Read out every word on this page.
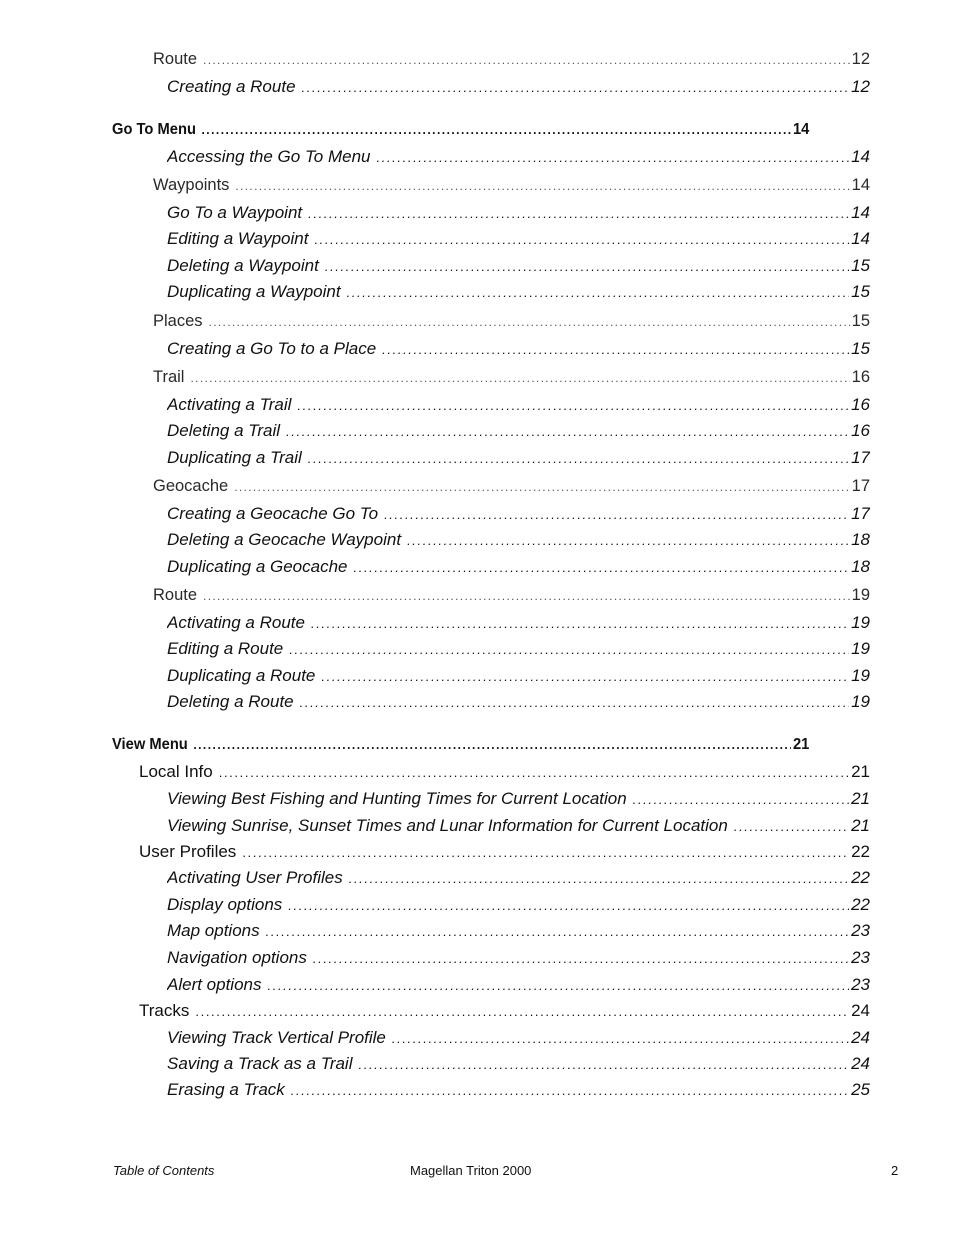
Route . . .	12
Creating a Route . . .	12
Go To Menu . . .	14
Accessing the Go To Menu . . .	14
Waypoints . . .	14
Go To a Waypoint . . .	14
Editing a Waypoint . . .	14
Deleting a Waypoint . . .	15
Duplicating a Waypoint . . .	15
Places . . .	15
Creating a Go To to a Place . . .	15
Trail . . .	16
Activating a Trail . . .	16
Deleting a Trail . . .	16
Duplicating a Trail . . .	17
Geocache . . .	17
Creating a Geocache Go To . . .	17
Deleting a Geocache Waypoint . . .	18
Duplicating a Geocache . . .	18
Route . . .	19
Activating a Route . . .	19
Editing a Route . . .	19
Duplicating a Route . . .	19
Deleting a Route . . .	19
View Menu . . .	21
Local Info . . .	21
Viewing Best Fishing and Hunting Times for Current Location . . .	21
Viewing Sunrise, Sunset Times and Lunar Information for Current Location . . .	21
User Profiles . . .	22
Activating User Profiles . . .	22
Display options . . .	22
Map options . . .	23
Navigation options . . .	23
Alert options . . .	23
Tracks . . .	24
Viewing Track Vertical Profile . . .	24
Saving a Track as a Trail . . .	24
Erasing a Track . . .	25
Table of Contents	Magellan Triton 2000	2
